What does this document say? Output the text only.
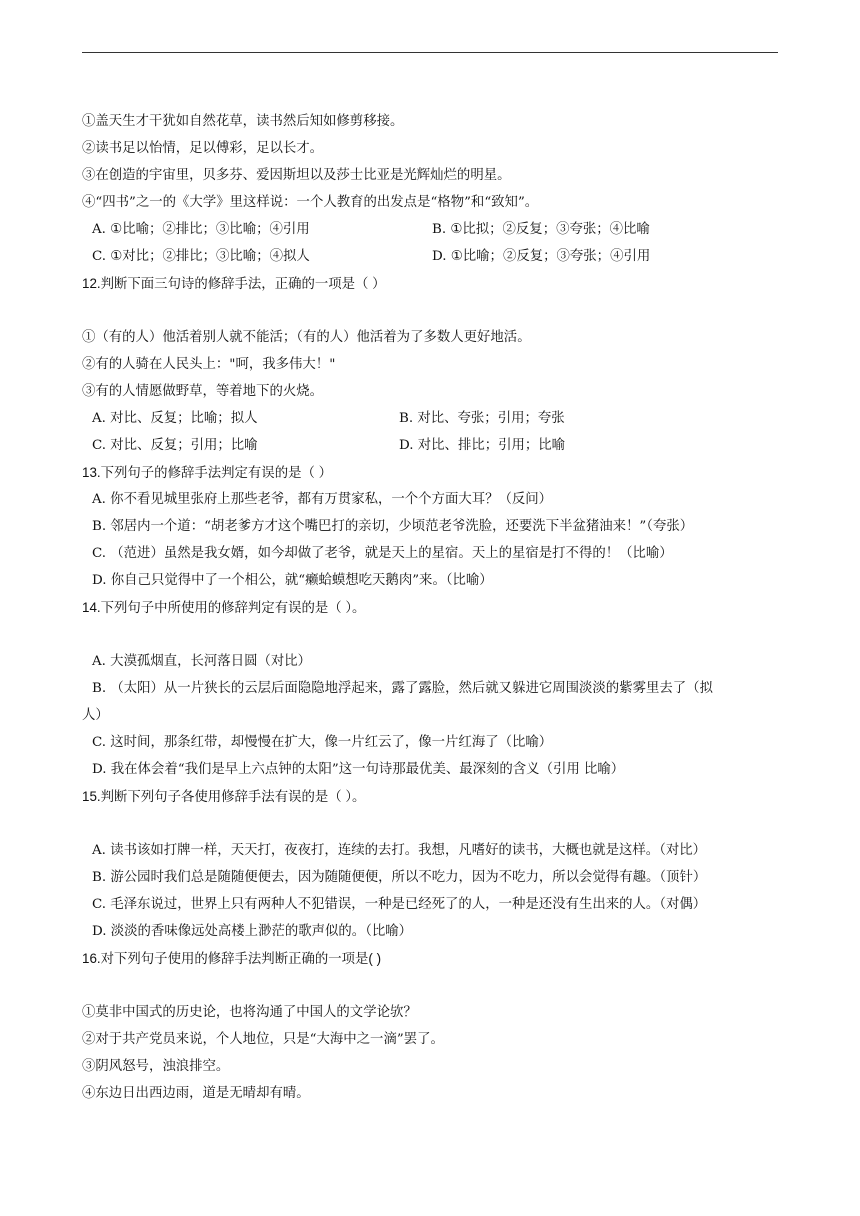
①盖天生才干犹如自然花草，读书然后知如修剪移接。
②读书足以怡情，足以傅彩，足以长才。
③在创造的宇宙里，贝多芬、爱因斯坦以及莎士比亚是光辉灿烂的明星。
④“四书”之一的《大学》里这样说：一个人教育的出发点是“格物”和“致知”。
A. ①比喻；②排比；③比喻；④引用	B. ①比拟；②反复；③夸张；④比喻
C. ①对比；②排比；③比喻；④拟人	D. ①比喻；②反复；③夸张；④引用
12.判断下面三句诗的修辞手法，正确的一项是（ ）
①（有的人）他活着别人就不能活；（有的人）他活着为了多数人更好地活。
②有的人骑在人民头上："呵，我多伟大！"
③有的人情愿做野草，等着地下的火烧。
A. 对比、反复；比喻；拟人	B. 对比、夸张；引用；夸张
C. 对比、反复；引用；比喻	D. 对比、排比；引用；比喻
13.下列句子的修辞手法判定有误的是（ ）
A. 你不看见城里张府上那些老爷，都有万贯家私，一个个方面大耳？（反问）
B. 邻居内一个道：“胡老爹方才这个嘴巴打的亲切，少顷范老爷洗脸，还要洗下半盆猪油来！”（夸张）
C. （范进）虽然是我女婿，如今却做了老爷，就是天上的星宿。天上的星宿是打不得的！（比喻）
D. 你自己只觉得中了一个相公，就“癞蛤蟆想吃天鹅肉”来。（比喻）
14.下列句子中所使用的修辞判定有误的是（ ）。
A. 大漠孤烟直，长河落日圆（对比）
B. （太阳）从一片狭长的云层后面隐隐地浮起来，露了露脸，然后就又躲进它周围淡淡的紫雾里去了（拟
人）
C. 这时间，那条红带，却慢慢在扩大，像一片红云了，像一片红海了（比喻）
D. 我在体会着“我们是早上六点钟的太阳”这一句诗那最优美、最深刻的含义（引用 比喻）
15.判断下列句子各使用修辞手法有误的是（ ）。
A. 读书该如打牌一样，天天打，夜夜打，连续的去打。我想，凡嗜好的读书，大概也就是这样。（对比）
B. 游公园时我们总是随随便便去，因为随随便便，所以不吃力，因为不吃力，所以会觉得有趣。（顶针）
C. 毛泽东说过，世界上只有两种人不犯错误，一种是已经死了的人，一种是还没有生出来的人。（对偶）
D. 淡淡的香味像远处高楼上渺茫的歌声似的。（比喻）
16.对下列句子使用的修辞手法判断正确的一项是( )
①莫非中国式的历史论，也将沟通了中国人的文学论欤？
②对于共产党员来说，个人地位，只是“大海中之一滴”罢了。
③阴风怒号，浊浪排空。
④东边日出西边雨，道是无晴却有晴。
